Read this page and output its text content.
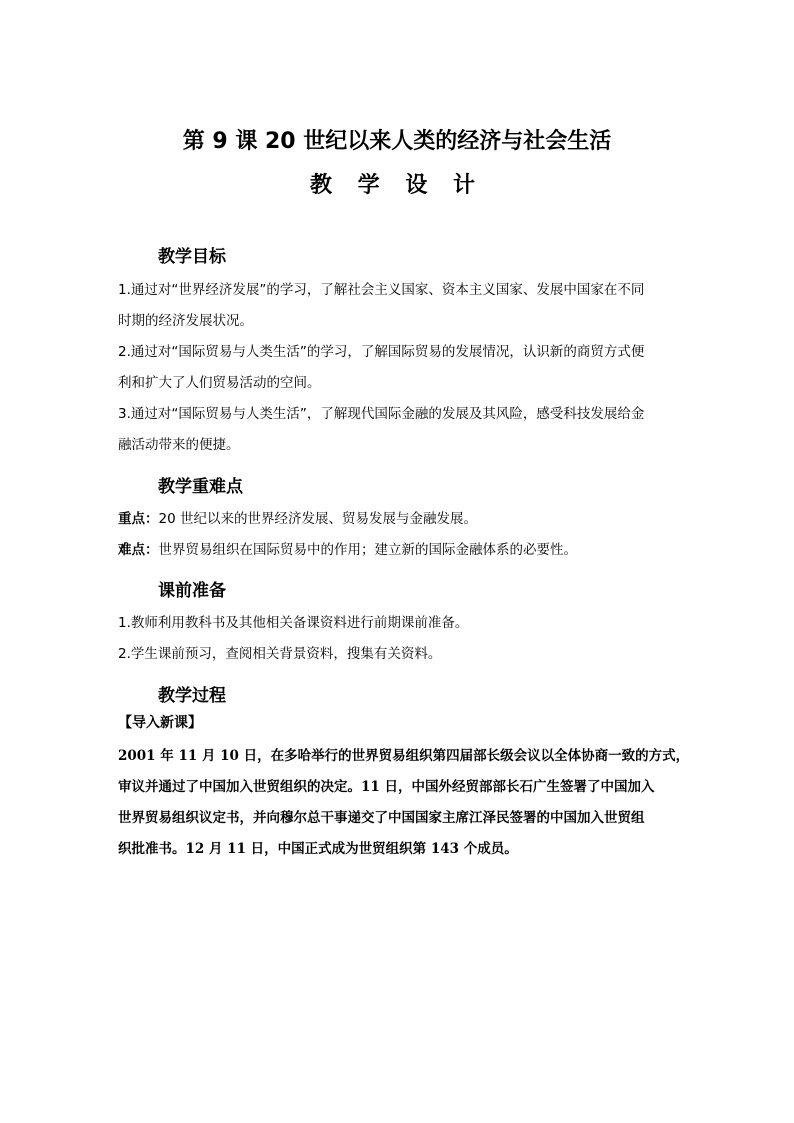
第 9 课 20 世纪以来人类的经济与社会生活
教 学 设 计
教学目标
1.通过对“世界经济发展”的学习，了解社会主义国家、资本主义国家、发展中国家在不同
时期的经济发展状况。
2.通过对“国际贸易与人类生活”的学习，了解国际贸易的发展情况，认识新的商贸方式便
利和扩大了人们贸易活动的空间。
3.通过对“国际贸易与人类生活”，了解现代国际金融的发展及其风险，感受科技发展给金
融活动带来的便捷。
教学重难点
重点：20 世纪以来的世界经济发展、贸易发展与金融发展。
难点：世界贸易组织在国际贸易中的作用；建立新的国际金融体系的必要性。
课前准备
1.教师利用教科书及其他相关备课资料进行前期课前准备。
2.学生课前预习，查阅相关背景资料，搜集有关资料。
教学过程
【导入新课】
2001 年 11 月 10 日，在多哈举行的世界贸易组织第四届部长级会议以全体协商一致的方式，
审议并通过了中国加入世贸组织的决定。11 日，中国外经贸部部长石广生签署了中国加入
世界贸易组织议定书，并向穆尔总干事递交了中国国家主席江泽民签署的中国加入世贸组
织批准书。12 月 11 日，中国正式成为世贸组织第 143 个成员。
